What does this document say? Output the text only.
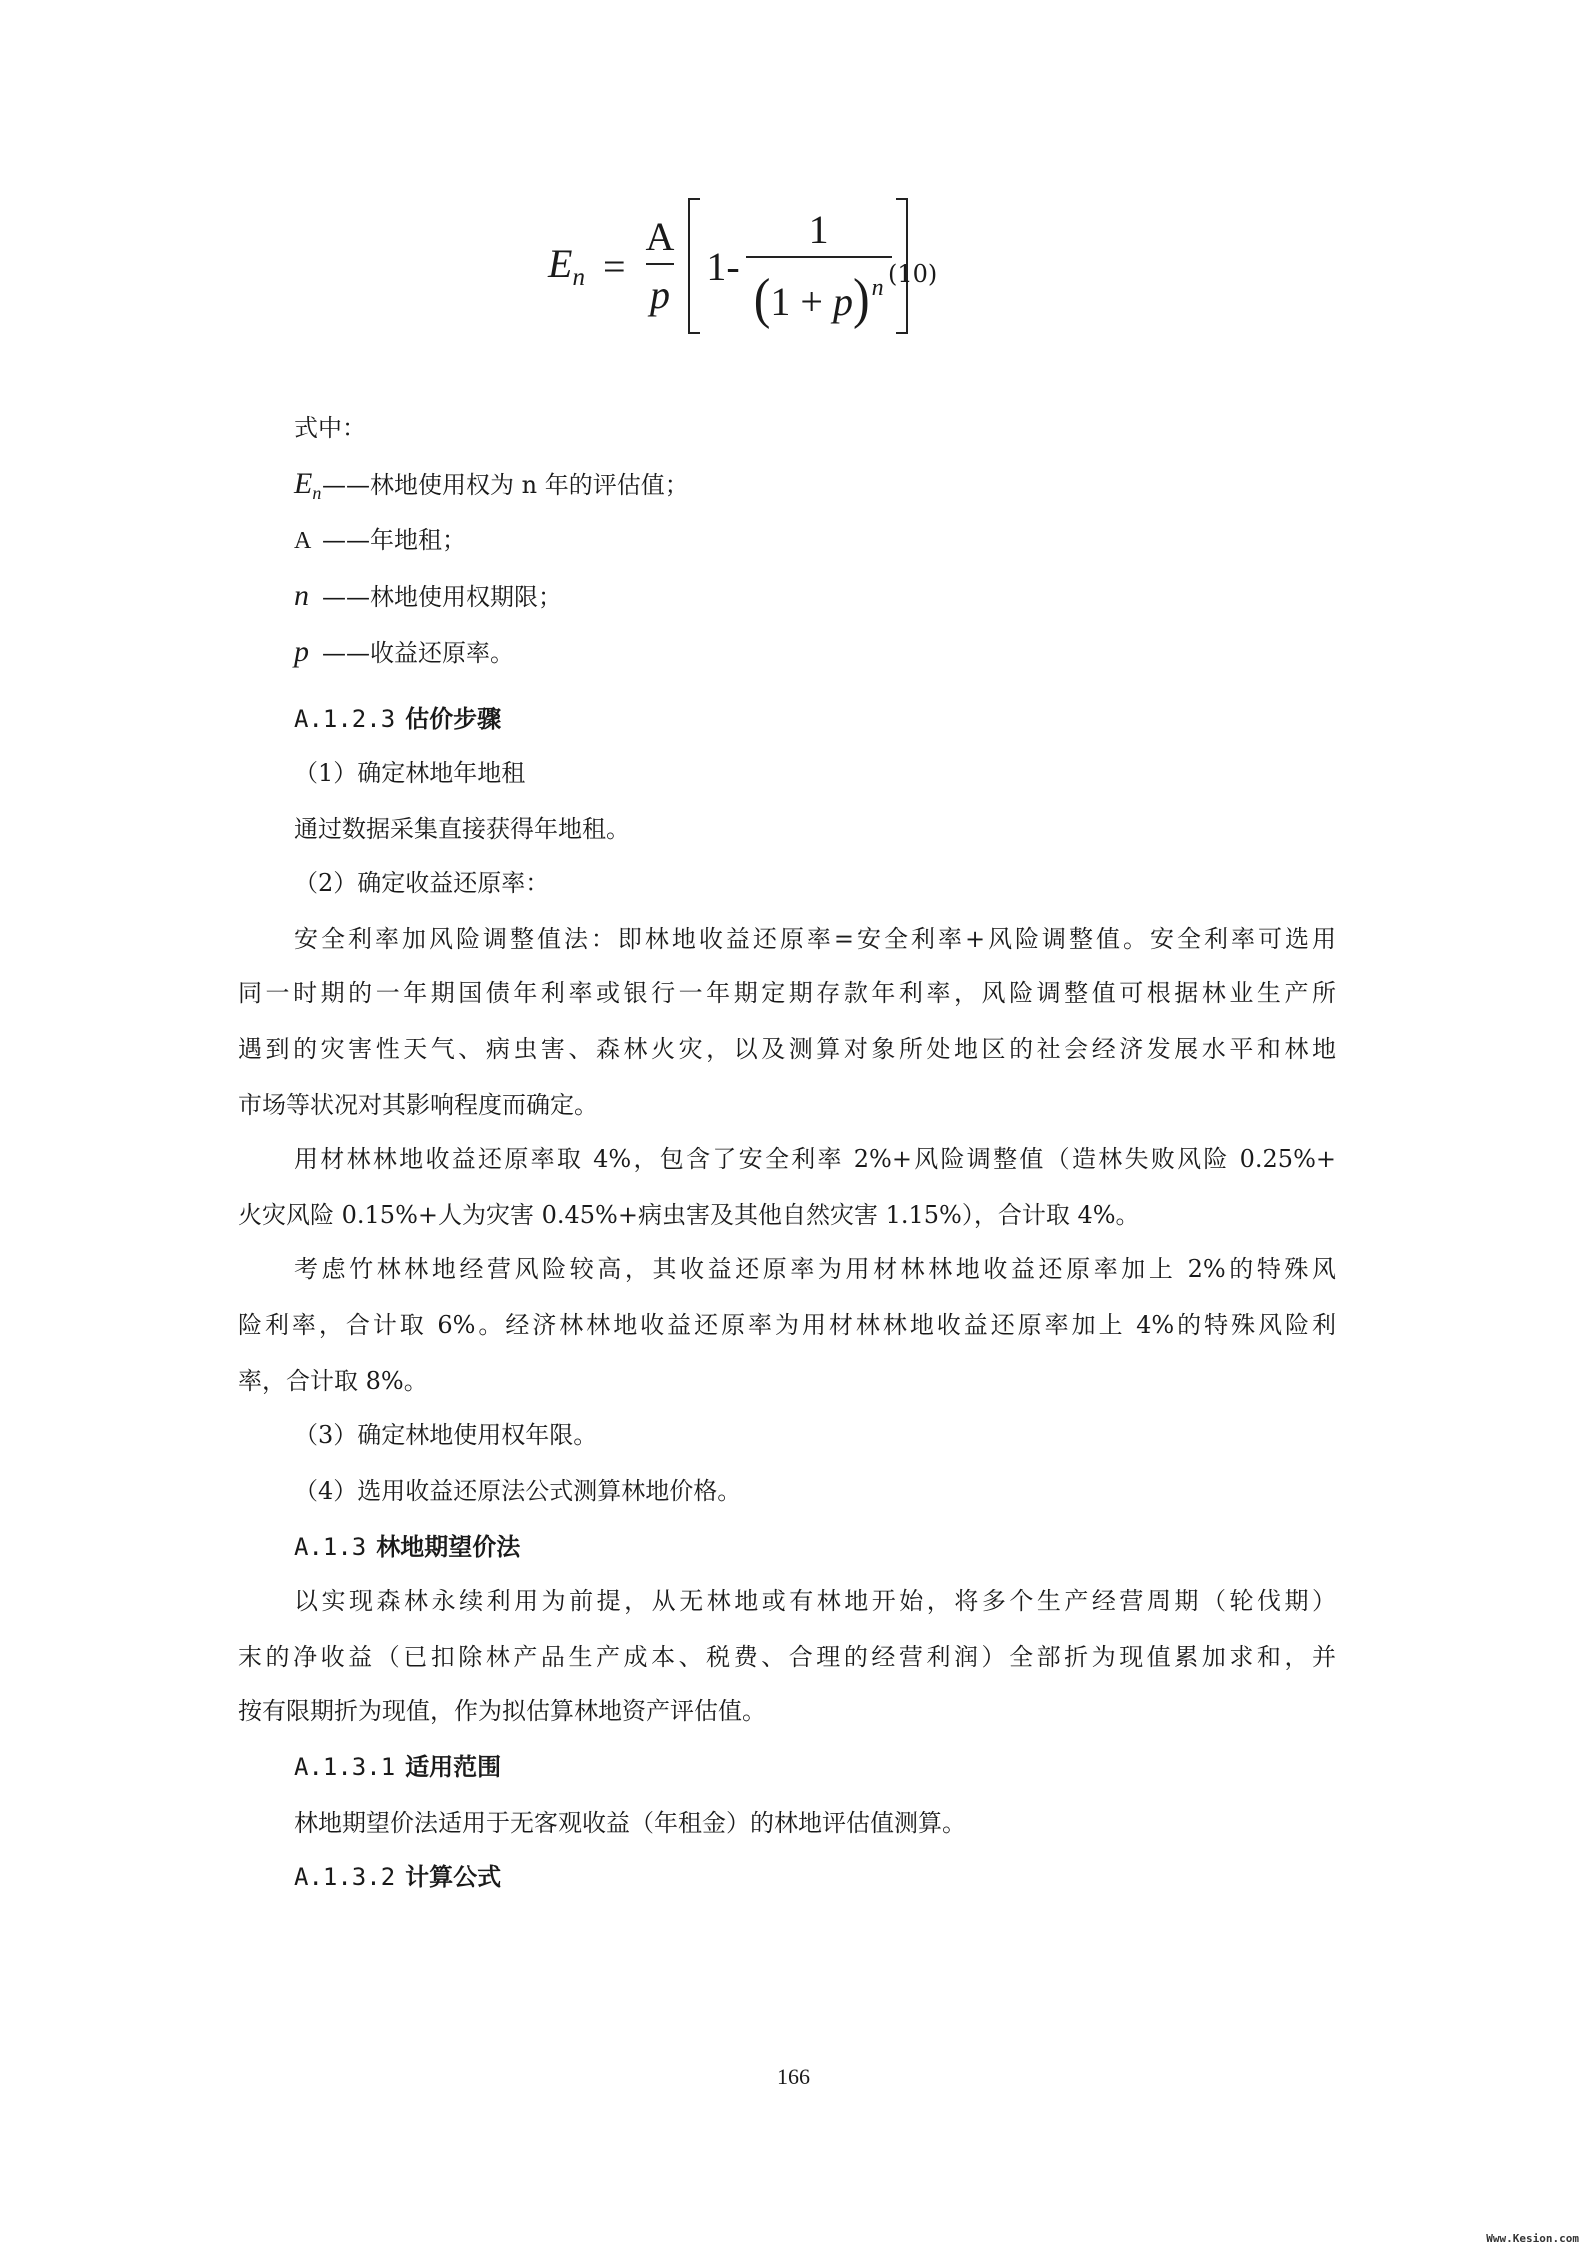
$E_n = \frac{A}{p} 1- \frac{1}{(1 + p)^n}$
(10)

式中：

$E_n——$林地使用权为 n 年的评估值；

A ——年地租；

n ——林地使用权期限；

p ——收益还原率。

A.1.2.3 估价步骤

（1）确定林地年地租

通过数据采集直接获得年地租。

（2）确定收益还原率：

安全利率加风险调整值法：即林地收益还原率=安全利率+风险调整值。安全利率可选用

同一时期的一年期国债年利率或银行一年期定期存款年利率，风险调整值可根据林业生产所

遇到的灾害性天气、病虫害、森林火灾，以及测算对象所处地区的社会经济发展水平和林地

市场等状况对其影响程度而确定。

用材林林地收益还原率取 4%，包含了安全利率 2%+风险调整值（造林失败风险 0.25%+

火灾风险 0.15%+人为灾害 0.45%+病虫害及其他自然灾害 1.15%），合计取 4%。

考虑竹林林地经营风险较高，其收益还原率为用材林林地收益还原率加上 2%的特殊风

险利率，合计取 6%。经济林林地收益还原率为用材林林地收益还原率加上 4%的特殊风险利

率，合计取 8%。

（3）确定林地使用权年限。

（4）选用收益还原法公式测算林地价格。

A.1.3 林地期望价法

以实现森林永续利用为前提，从无林地或有林地开始，将多个生产经营周期（轮伐期）

末的净收益（已扣除林产品生产成本、税费、合理的经营利润）全部折为现值累加求和，并

按有限期折为现值，作为拟估算林地资产评估值。

A.1.3.1 适用范围

林地期望价法适用于无客观收益（年租金）的林地评估值测算。

A.1.3.2 计算公式

166
Www.Kesion.com
